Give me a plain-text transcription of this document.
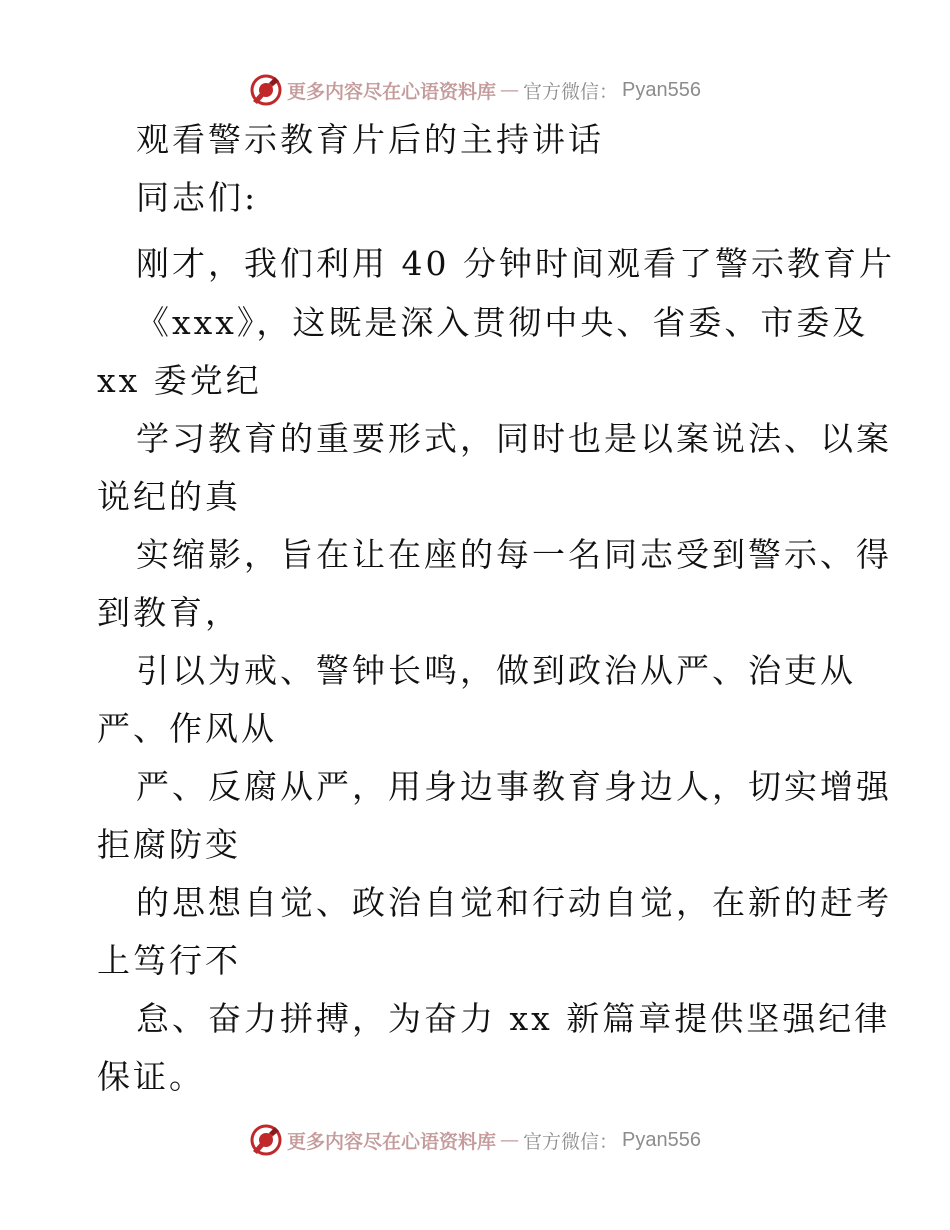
更多内容尽在心语资料库 — 官方微信： Pyan556
观看警示教育片后的主持讲话
同志们:
刚才，我们利用 40 分钟时间观看了警示教育片
《xxx》，这既是深入贯彻中央、省委、市委及
xx 委党纪
学习教育的重要形式，同时也是以案说法、以案
说纪的真
实缩影，旨在让在座的每一名同志受到警示、得
到教育，
引以为戒、警钟长鸣，做到政治从严、治吏从
严、作风从
严、反腐从严，用身边事教育身边人，切实增强
拒腐防变
的思想自觉、政治自觉和行动自觉，在新的赶考
上笃行不
怠、奋力拼搏，为奋力 xx 新篇章提供坚强纪律
保证。
更多内容尽在心语资料库 — 官方微信： Pyan556
